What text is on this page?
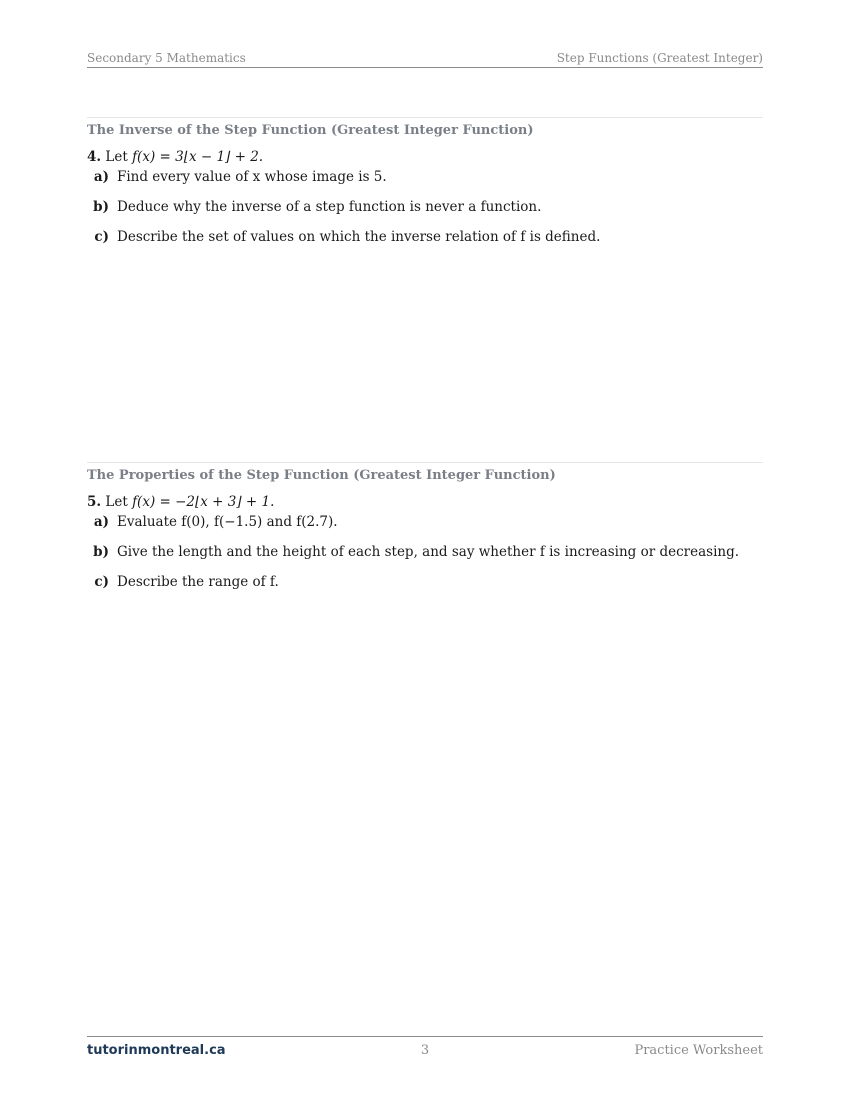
Secondary 5 Mathematics	Step Functions (Greatest Integer)
The Inverse of the Step Function (Greatest Integer Function)
4. Let f(x) = 3⌊x − 1⌋ + 2.
a) Find every value of x whose image is 5.
b) Deduce why the inverse of a step function is never a function.
c) Describe the set of values on which the inverse relation of f is defined.
The Properties of the Step Function (Greatest Integer Function)
5. Let f(x) = −2⌊x + 3⌋ + 1.
a) Evaluate f(0), f(−1.5) and f(2.7).
b) Give the length and the height of each step, and say whether f is increasing or decreasing.
c) Describe the range of f.
tutorinmontreal.ca	3	Practice Worksheet
